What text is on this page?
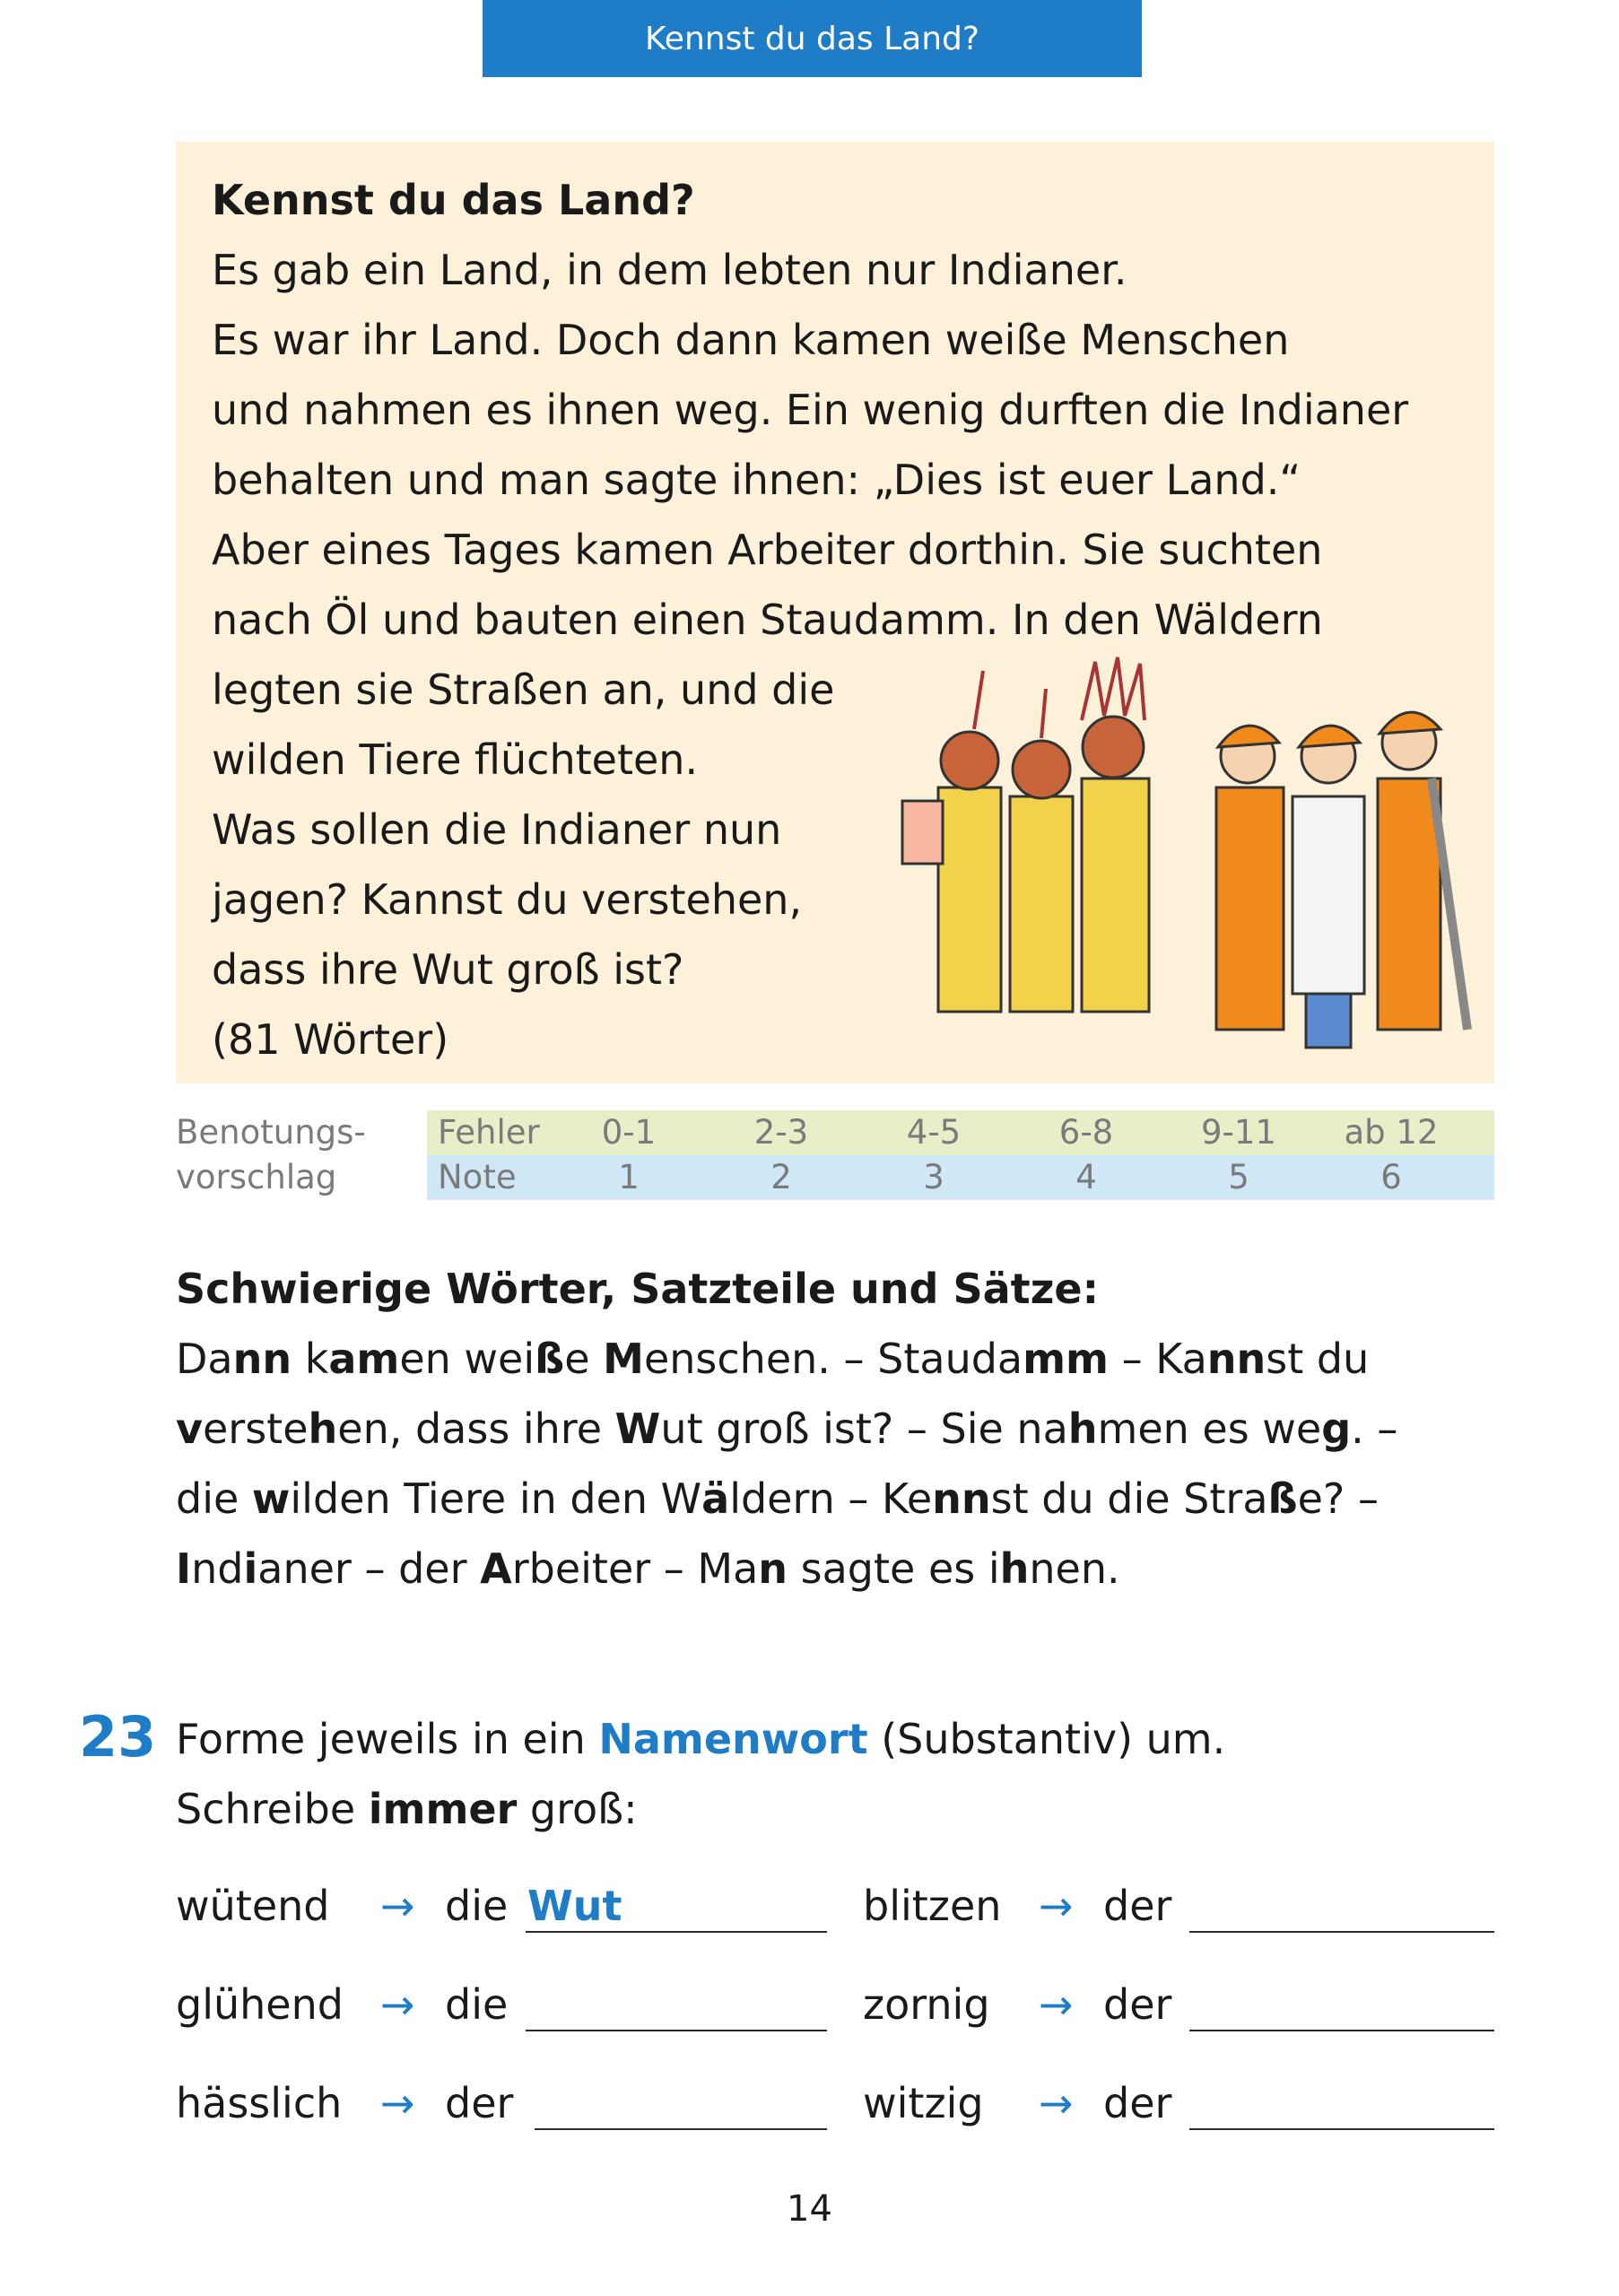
Kennst du das Land?
Kennst du das Land?
Es gab ein Land, in dem lebten nur Indianer.
Es war ihr Land. Doch dann kamen weiße Menschen
und nahmen es ihnen weg. Ein wenig durften die Indianer
behalten und man sagte ihnen: „Dies ist euer Land.“
Aber eines Tages kamen Arbeiter dorthin. Sie suchten
nach Öl und bauten einen Staudamm. In den Wäldern
legten sie Straßen an, und die
wilden Tiere flüchteten.
Was sollen die Indianer nun
jagen? Kannst du verstehen,
dass ihre Wut groß ist?
(81 Wörter)
Benotungs-
vorschlag
Fehler	0-1	2-3	4-5	6-8	9-11	ab 12
Note	1	2	3	4	5	6
Schwierige Wörter, Satzteile und Sätze:
Dann kamen weiße Menschen. – Staudamm – Kannst du
verstehen, dass ihre Wut groß ist? – Sie nahmen es weg. –
die wilden Tiere in den Wäldern – Kennst du die Straße? –
Indianer – der Arbeiter – Man sagte es ihnen.
23 Forme jeweils in ein Namenwort (Substantiv) um.
Schreibe immer groß:
wütend → die Wut	blitzen → der
glühend → die	zornig → der
hässlich → der	witzig → der
14
